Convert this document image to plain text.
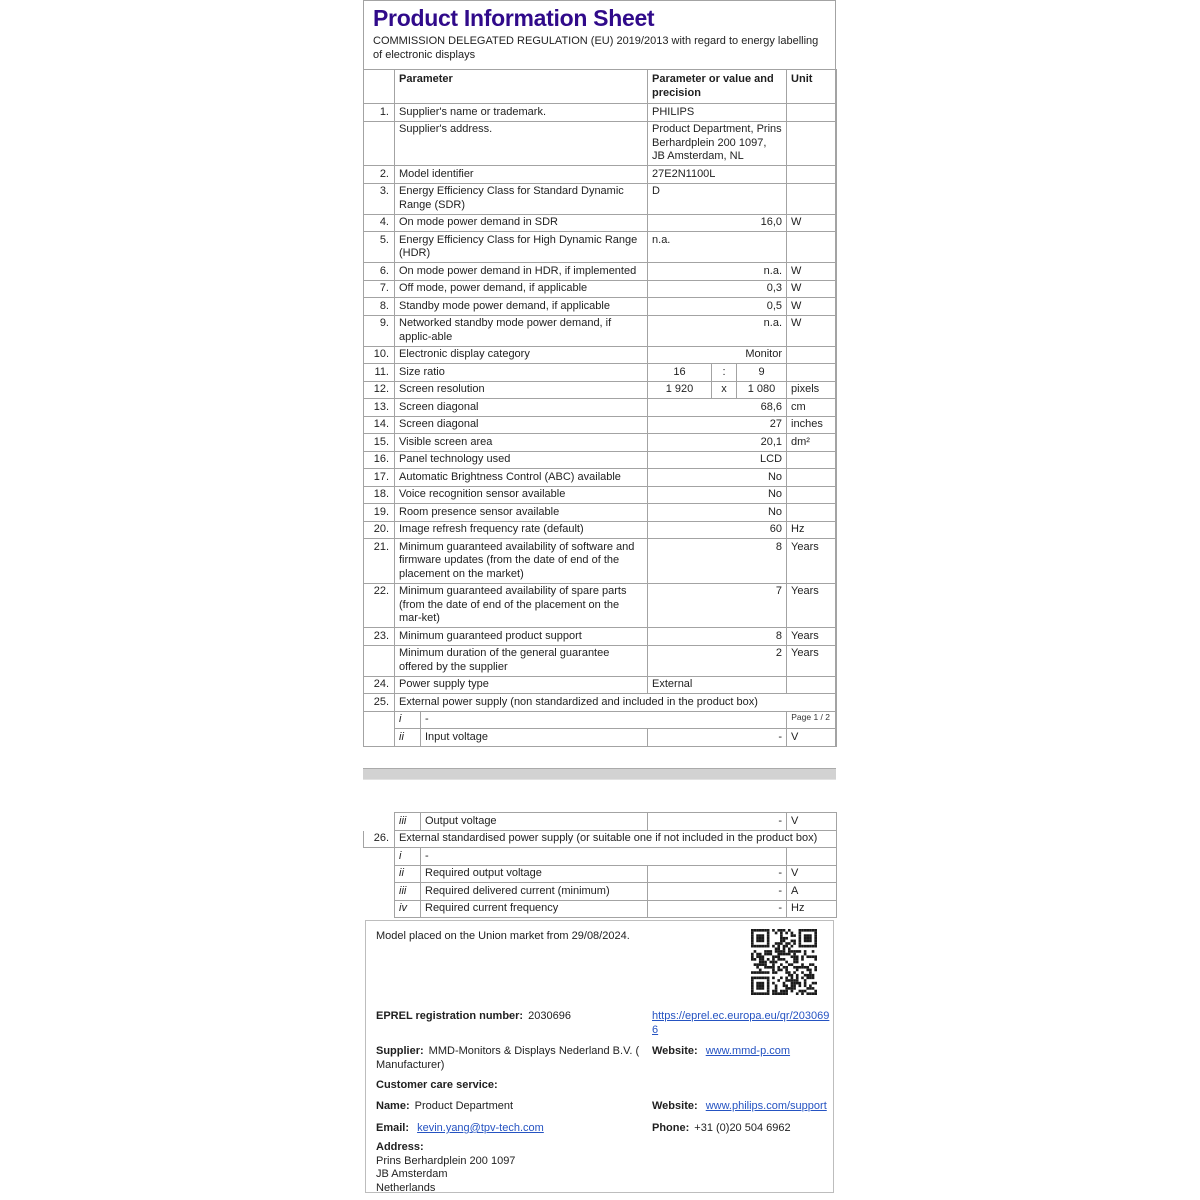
Product Information Sheet
COMMISSION DELEGATED REGULATION (EU) 2019/2013 with regard to energy labelling of electronic displays
	Parameter		Parameter or value and precision			Unit
1.	Supplier's name or trademark.		PHILIPS			
	Supplier's address.		Product Department, Prins Berhardplein 200 1097, JB Amsterdam, NL			
2.	Model identifier		27E2N1100L			
3.	Energy Efficiency Class for Standard Dynamic Range (SDR)		D			
4.	On mode power demand in SDR		16,0			W
5.	Energy Efficiency Class for High Dynamic Range (HDR)		n.a.			
6.	On mode power demand in HDR, if implemented		n.a.			W
7.	Off mode, power demand, if applicable		0,3			W
8.	Standby mode power demand, if applicable		0,5			W
9.	Networked standby mode power demand, if applic-able		n.a.			W
10.	Electronic display category		Monitor			
11.	Size ratio		16	:	9	
12.	Screen resolution		1 920	x	1 080	pixels
13.	Screen diagonal		68,6			cm
14.	Screen diagonal		27			inches
15.	Visible screen area		20,1			dm²
16.	Panel technology used		LCD			
17.	Automatic Brightness Control (ABC) available		No			
18.	Voice recognition sensor available		No			
19.	Room presence sensor available		No			
20.	Image refresh frequency rate (default)		60			Hz
21.	Minimum guaranteed availability of software and firmware updates (from the date of end of the placement on the market)		8			Years
22.	Minimum guaranteed availability of spare parts (from the date of end of the placement on the mar-ket)		7			Years
23.	Minimum guaranteed product support		8			Years
	Minimum duration of the general guarantee offered by the supplier		2			Years
24.	Power supply type		External			
25.	External power supply (non standardized and included in the product box)					
	i	-				
	ii	Input voltage	-			V
Page 1 / 2
	iii	Output voltage	-	V
26.	External standardised power supply (or suitable one if not included in the product box)			
	i	-		
	ii	Required output voltage	-	V
	iii	Required delivered current (minimum)	-	A
	iv	Required current frequency	-	Hz
Model placed on the Union market from 29/08/2024.
EPREL registration number: 2030696	https://eprel.ec.europa.eu/qr/2030696
Supplier: MMD-Monitors & Displays Nederland B.V. ( Manufacturer)
Website: www.mmd-p.com
Customer care service:
Name: Product Department	Website: www.philips.com/support
Email: kevin.yang@tpv-tech.com	Phone: +31 (0)20 504 6962
Address:
Prins Berhardplein 200 1097
JB Amsterdam
Netherlands
